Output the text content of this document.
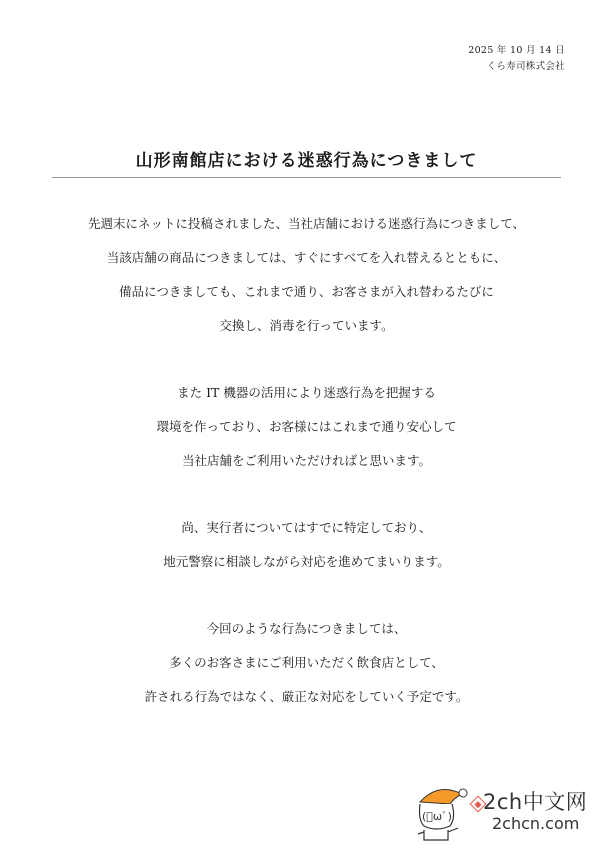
2025 年 10 月 14 日
くら寿司株式会社
山形南館店における迷惑行為につきまして
先週末にネットに投稿されました、当社店舗における迷惑行為につきまして、
当該店舗の商品につきましては、すぐにすべてを入れ替えるとともに、
備品につきましても、これまで通り、お客さまが入れ替わるたびに
交換し、消毒を行っています。
また IT 機器の活用により迷惑行為を把握する
環境を作っており、お客様にはこれまで通り安心して
当社店舗をご利用いただければと思います。
尚、実行者についてはすでに特定しており、
地元警察に相談しながら対応を進めてまいります。
今回のような行為につきましては、
多くのお客さまにご利用いただく飲食店として、
許される行為ではなく、厳正な対応をしていく予定です。
(ﾟωﾟ)
2ch中文网
2chcn.com
